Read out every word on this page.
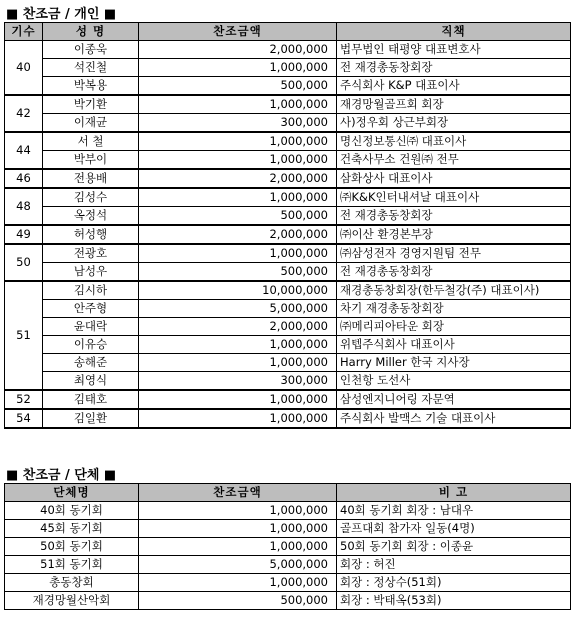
■ 찬조금 / 개인 ■
기수	성 명	찬조금액	직책
40	이종욱	2,000,000	법무법인 태평양 대표변호사
	석진철	1,000,000	전 재경총동창회장
	박복용	500,000	주식회사 K&P 대표이사
42	박기환	1,000,000	재경망월골프회 회장
	이재균	300,000	사)정우회 상근부회장
44	서 철	1,000,000	명신정보통신㈜ 대표이사
	박부이	1,000,000	건축사무소 건원㈜ 전무
46	전용배	2,000,000	삼화상사 대표이사
48	김성수	1,000,000	㈜K&K인터내셔날 대표이사
	옥정석	500,000	전 재경총동창회장
49	허성행	2,000,000	㈜이산 환경본부장
50	전광호	1,000,000	㈜삼성전자 경영지원팀 전무
	남성우	500,000	전 재경총동창회장
51	김시하	10,000,000	재경총동창회장(한두철강(주) 대표이사)
	안주형	5,000,000	차기 재경총동창회장
	윤대락	2,000,000	㈜메리피아타운 회장
	이유승	1,000,000	위텝주식회사 대표이사
	송해준	1,000,000	Harry Miller 한국 지사장
	최영식	300,000	인천항 도선사
52	김태호	1,000,000	삼성엔지니어링 자문역
54	김일환	1,000,000	주식회사 발맥스 기술 대표이사
■ 찬조금 / 단체 ■
단체명	찬조금액	비 고
40회 동기회	1,000,000	40회 동기회 회장 : 남대우
45회 동기회	1,000,000	골프대회 참가자 일동(4명)
50회 동기회	1,000,000	50회 동기회 회장 : 이종윤
51회 동기회	5,000,000	회장 : 허진
총동창회	1,000,000	회장 : 정상수(51회)
재경망월산악회	500,000	회장 : 박태옥(53회)
